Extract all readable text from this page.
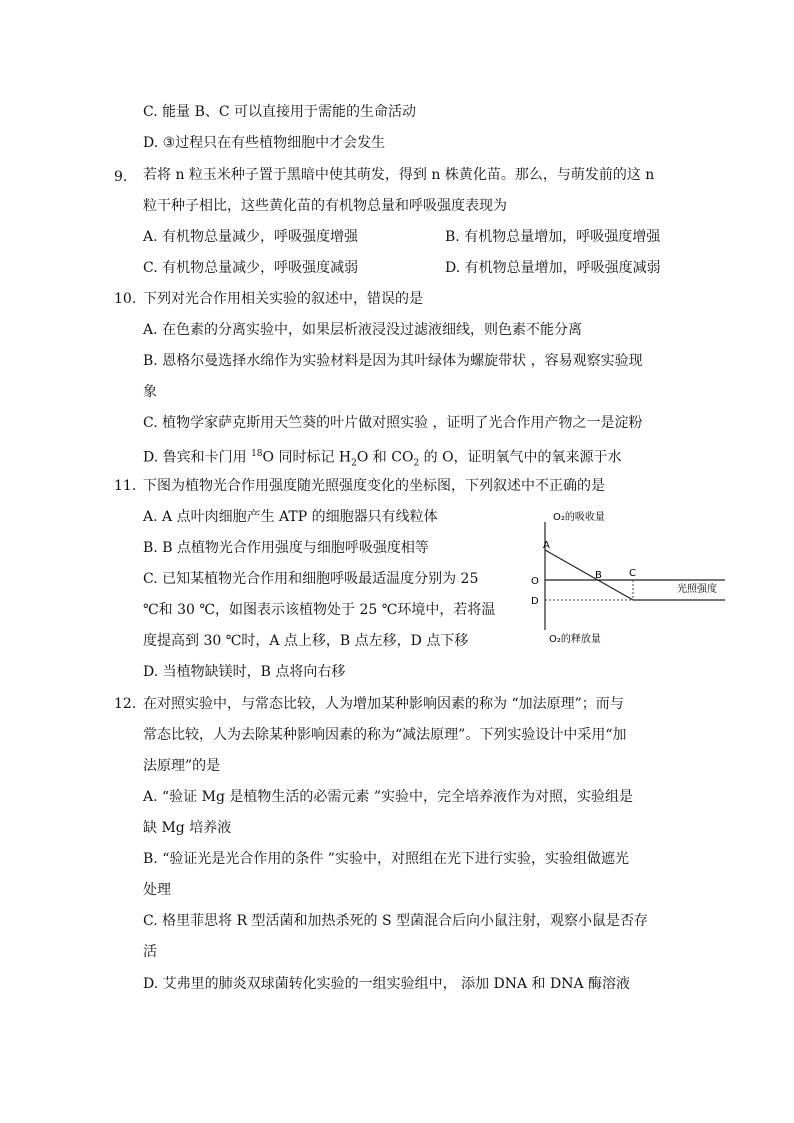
C. 能量 B、C 可以直接用于需能的生命活动
D. ③过程只在有些植物细胞中才会发生
9. 若将 n 粒玉米种子置于黑暗中使其萌发，得到 n 株黄化苗。那么，与萌发前的这 n
粒干种子相比，这些黄化苗的有机物总量和呼吸强度表现为
A. 有机物总量减少，呼吸强度增强	B. 有机物总量增加，呼吸强度增强
C. 有机物总量减少，呼吸强度减弱	D. 有机物总量增加，呼吸强度减弱
10. 下列对光合作用相关实验的叙述中，错误的是
A. 在色素的分离实验中，如果层析液浸没过滤液细线，则色素不能分离
B. 恩格尔曼选择水绵作为实验材料是因为其叶绿体为螺旋带状 ，容易观察实验现
象
C. 植物学家萨克斯用天竺葵的叶片做对照实验 ，证明了光合作用产物之一是淀粉
D. 鲁宾和卡门用 $^{18}$O 同时标记 $H_2O$ 和 $CO_2$ 的 O，证明氧气中的氧来源于水
11. 下图为植物光合作用强度随光照强度变化的坐标图，下列叙述中不正确的是
A. A 点叶肉细胞产生 ATP 的细胞器只有线粒体
B. B 点植物光合作用强度与细胞呼吸强度相等
C. 已知某植物光合作用和细胞呼吸最适温度分别为 25
℃和 30 ℃，如图表示该植物处于 25 ℃环境中，若将温
度提高到 30 ℃时，A 点上移，B 点左移，D 点下移
D. 当植物缺镁时，B 点将向右移
O₂的吸收量
O₂的释放量
光照强度
A
B	C
O
D
12. 在对照实验中，与常态比较，人为增加某种影响因素的称为 “加法原理”；而与
常态比较，人为去除某种影响因素的称为“减法原理”。下列实验设计中采用“加
法原理”的是
A. “验证 Mg 是植物生活的必需元素 ”实验中，完全培养液作为对照，实验组是
缺 Mg 培养液
B. “验证光是光合作用的条件 ”实验中，对照组在光下进行实验，实验组做遮光
处理
C. 格里菲思将 R 型活菌和加热杀死的 S 型菌混合后向小鼠注射，观察小鼠是否存
活
D. 艾弗里的肺炎双球菌转化实验的一组实验组中， 添加 DNA 和 DNA 酶溶液
